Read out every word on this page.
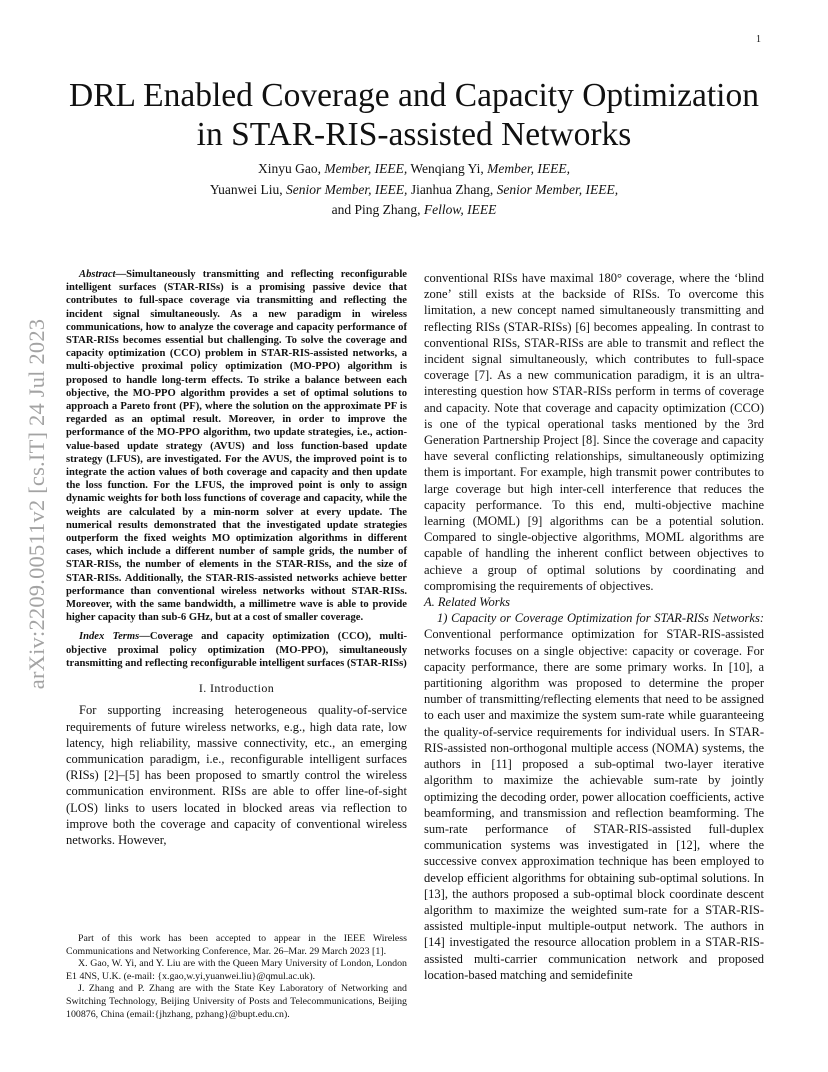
1
arXiv:2209.00511v2 [cs.IT] 24 Jul 2023
DRL Enabled Coverage and Capacity Optimization
in STAR-RIS-assisted Networks
Xinyu Gao, Member, IEEE, Wenqiang Yi, Member, IEEE,
Yuanwei Liu, Senior Member, IEEE, Jianhua Zhang, Senior Member, IEEE,
and Ping Zhang, Fellow, IEEE

Abstract—Simultaneously transmitting and reflecting reconfigurable intelligent surfaces (STAR-RISs) is a promising passive device that contributes to full-space coverage via transmitting and reflecting the incident signal simultaneously. As a new paradigm in wireless communications, how to analyze the coverage and capacity performance of STAR-RISs becomes essential but challenging. To solve the coverage and capacity optimization (CCO) problem in STAR-RIS-assisted networks, a multi-objective proximal policy optimization (MO-PPO) algorithm is proposed to handle long-term effects. To strike a balance between each objective, the MO-PPO algorithm provides a set of optimal solutions to approach a Pareto front (PF), where the solution on the approximate PF is regarded as an optimal result. Moreover, in order to improve the performance of the MO-PPO algorithm, two update strategies, i.e., action-value-based update strategy (AVUS) and loss function-based update strategy (LFUS), are investigated. For the AVUS, the improved point is to integrate the action values of both coverage and capacity and then update the loss function. For the LFUS, the improved point is only to assign dynamic weights for both loss functions of coverage and capacity, while the weights are calculated by a min-norm solver at every update. The numerical results demonstrated that the investigated update strategies outperform the fixed weights MO optimization algorithms in different cases, which include a different number of sample grids, the number of STAR-RISs, the number of elements in the STAR-RISs, and the size of STAR-RISs. Additionally, the STAR-RIS-assisted networks achieve better performance than conventional wireless networks without STAR-RISs. Moreover, with the same bandwidth, a millimetre wave is able to provide higher capacity than sub-6 GHz, but at a cost of smaller coverage.

Index Terms—Coverage and capacity optimization (CCO), multi-objective proximal policy optimization (MO-PPO), simultaneously transmitting and reflecting reconfigurable intelligent surfaces (STAR-RISs)

I. Introduction

For supporting increasing heterogeneous quality-of-service requirements of future wireless networks, e.g., high data rate, low latency, high reliability, massive connectivity, etc., an emerging communication paradigm, i.e., reconfigurable intelligent surfaces (RISs) [2]–[5] has been proposed to smartly control the wireless communication environment. RISs are able to offer line-of-sight (LOS) links to users located in blocked areas via reflection to improve both the coverage and capacity of conventional wireless networks. However,

Part of this work has been accepted to appear in the IEEE Wireless Communications and Networking Conference, Mar. 26–Mar. 29 March 2023 [1].

X. Gao, W. Yi, and Y. Liu are with the Queen Mary University of London, London E1 4NS, U.K. (e-mail: {x.gao,w.yi,yuanwei.liu}@qmul.ac.uk).

J. Zhang and P. Zhang are with the State Key Laboratory of Networking and Switching Technology, Beijing University of Posts and Telecommunications, Beijing 100876, China (email:{jhzhang, pzhang}@bupt.edu.cn).

conventional RISs have maximal 180° coverage, where the ‘blind zone’ still exists at the backside of RISs. To overcome this limitation, a new concept named simultaneously transmitting and reflecting RISs (STAR-RISs) [6] becomes appealing. In contrast to conventional RISs, STAR-RISs are able to transmit and reflect the incident signal simultaneously, which contributes to full-space coverage [7]. As a new communication paradigm, it is an ultra-interesting question how STAR-RISs perform in terms of coverage and capacity. Note that coverage and capacity optimization (CCO) is one of the typical operational tasks mentioned by the 3rd Generation Partnership Project [8]. Since the coverage and capacity have several conflicting relationships, simultaneously optimizing them is important. For example, high transmit power contributes to large coverage but high inter-cell interference that reduces the capacity performance. To this end, multi-objective machine learning (MOML) [9] algorithms can be a potential solution. Compared to single-objective algorithms, MOML algorithms are capable of handling the inherent conflict between objectives to achieve a group of optimal solutions by coordinating and compromising the requirements of objectives.

A. Related Works

1) Capacity or Coverage Optimization for STAR-RISs Networks: Conventional performance optimization for STAR-RIS-assisted networks focuses on a single objective: capacity or coverage. For capacity performance, there are some primary works. In [10], a partitioning algorithm was proposed to determine the proper number of transmitting/reflecting elements that need to be assigned to each user and maximize the system sum-rate while guaranteeing the quality-of-service requirements for individual users. In STAR-RIS-assisted non-orthogonal multiple access (NOMA) systems, the authors in [11] proposed a sub-optimal two-layer iterative algorithm to maximize the achievable sum-rate by jointly optimizing the decoding order, power allocation coefficients, active beamforming, and transmission and reflection beamforming. The sum-rate performance of STAR-RIS-assisted full-duplex communication systems was investigated in [12], where the successive convex approximation technique has been employed to develop efficient algorithms for obtaining sub-optimal solutions. In [13], the authors proposed a sub-optimal block coordinate descent algorithm to maximize the weighted sum-rate for a STAR-RIS-assisted multiple-input multiple-output network. The authors in [14] investigated the resource allocation problem in a STAR-RIS-assisted multi-carrier communication network and proposed location-based matching and semidefinite
